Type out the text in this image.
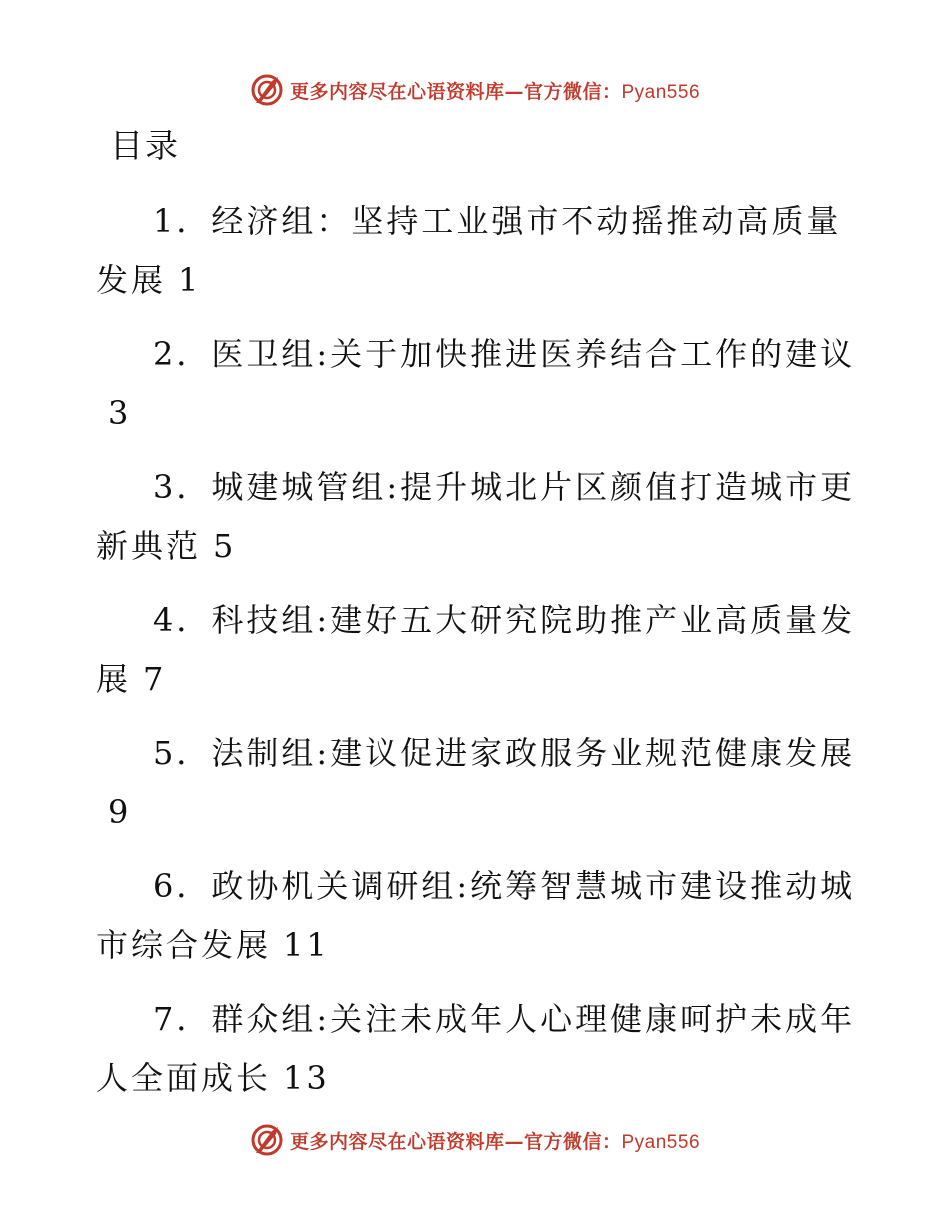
更多内容尽在心语资料库—官方微信：Pyan556
目录
1．经济组：坚持工业强市不动摇推动高质量发展 1
2．医卫组:关于加快推进医养结合工作的建议3
3．城建城管组:提升城北片区颜值打造城市更新典范 5
4．科技组:建好五大研究院助推产业高质量发展 7
5．法制组:建议促进家政服务业规范健康发展9
6．政协机关调研组:统筹智慧城市建设推动城市综合发展 11
7．群众组:关注未成年人心理健康呵护未成年人全面成长 13
更多内容尽在心语资料库—官方微信：Pyan556
